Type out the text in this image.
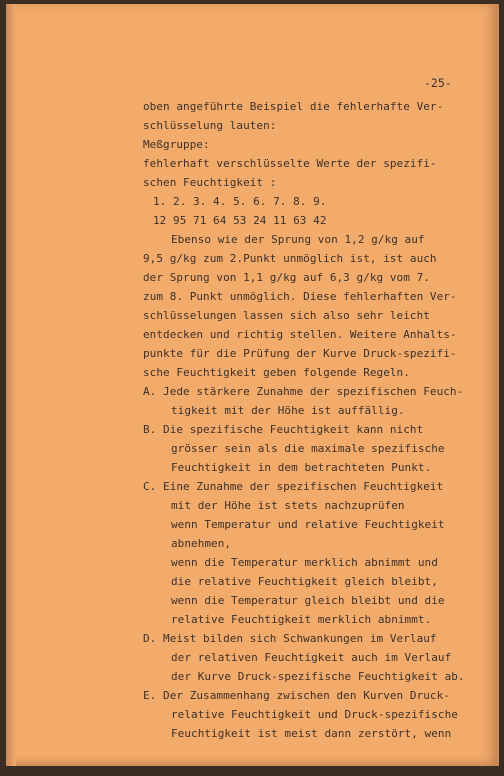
-25-
oben angeführte Beispiel die fehlerhafte Ver-
schlüsselung lauten:
Meßgruppe:
fehlerhaft verschlüsselte Werte der spezifi-
schen Feuchtigkeit :
1. 2. 3. 4. 5. 6. 7. 8. 9.
12 95 71 64 53 24 11 63 42
Ebenso wie der Sprung von 1,2 g/kg auf
9,5 g/kg zum 2.Punkt unmöglich ist, ist auch
der Sprung von 1,1 g/kg auf 6,3 g/kg vom 7.
zum 8. Punkt unmöglich. Diese fehlerhaften Ver-
schlüsselungen lassen sich also sehr leicht
entdecken und richtig stellen. Weitere Anhalts-
punkte für die Prüfung der Kurve Druck-spezifi-
sche Feuchtigkeit geben folgende Regeln.
A. Jede stärkere Zunahme der spezifischen Feuch-
tigkeit mit der Höhe ist auffällig.
B. Die spezifische Feuchtigkeit kann nicht
grösser sein als die maximale spezifische
Feuchtigkeit in dem betrachteten Punkt.
C. Eine Zunahme der spezifischen Feuchtigkeit
mit der Höhe ist stets nachzuprüfen
wenn Temperatur und relative Feuchtigkeit
abnehmen,
wenn die Temperatur merklich abnimmt und
die relative Feuchtigkeit gleich bleibt,
wenn die Temperatur gleich bleibt und die
relative Feuchtigkeit merklich abnimmt.
D. Meist bilden sich Schwankungen im Verlauf
der relativen Feuchtigkeit auch im Verlauf
der Kurve Druck-spezifische Feuchtigkeit ab.
E. Der Zusammenhang zwischen den Kurven Druck-
relative Feuchtigkeit und Druck-spezifische
Feuchtigkeit ist meist dann zerstört, wenn
